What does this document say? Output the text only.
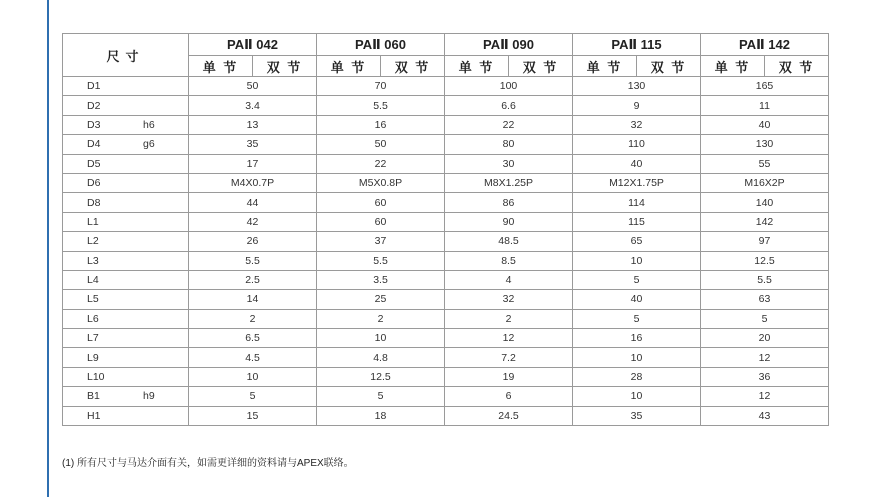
尺寸	PAⅡ 042		PAⅡ 060		PAⅡ 090		PAⅡ 115		PAⅡ 142	
	单 节	双 节	单 节	双 节	单 节	双 节	单 节	双 节	单 节	双 节

D1	50		70		100		130		165	

D2	3.4		5.5		6.6		9		11	

D3 h6	13		16		22		32		40	

D4 g6	35		50		80		110		130	

D5	17		22		30		40		55	

D6	M4X0.7P		M5X0.8P		M8X1.25P		M12X1.75P		M16X2P	

D8	44		60		86		114		140	

L1	42		60		90		115		142	

L2	26		37		48.5		65		97	

L3	5.5		5.5		8.5		10		12.5	

L4	2.5		3.5		4		5		5.5	

L5	14		25		32		40		63	

L6	2		2		2		5		5	

L7	6.5		10		12		16		20	

L9	4.5		4.8		7.2		10		12	

L10	10		12.5		19		28		36	

B1 h9	5		5		6		10		12	

H1	15		18		24.5		35		43	
(1) 所有尺寸与马达介面有关，如需更详细的资料请与APEX联络。
